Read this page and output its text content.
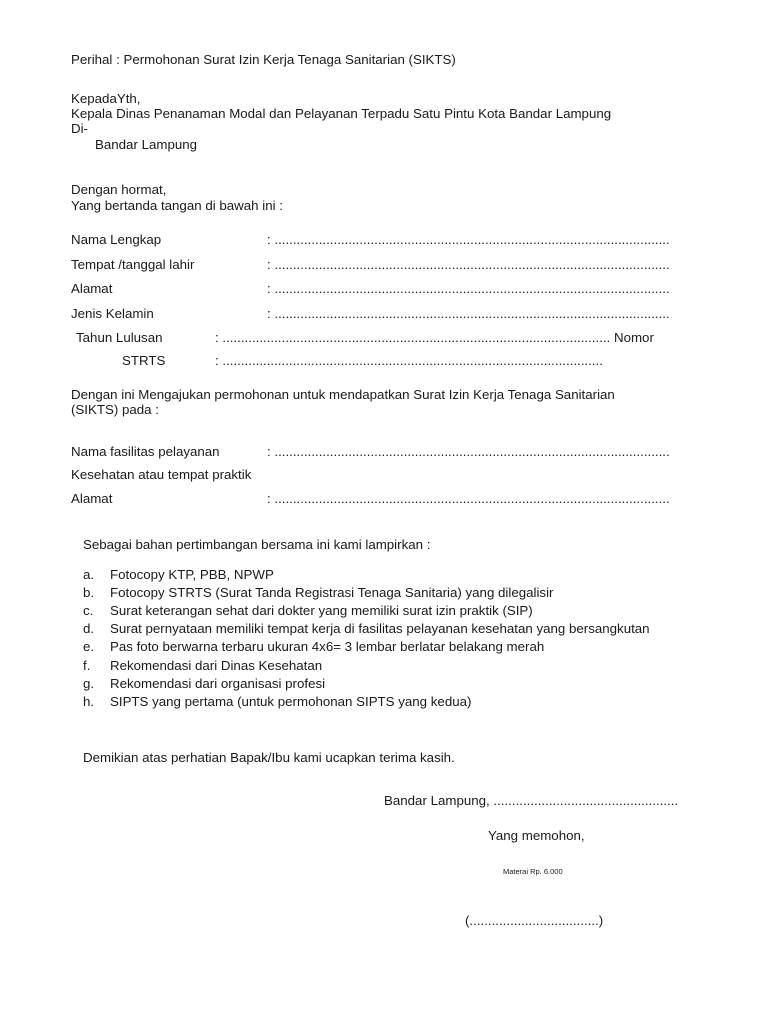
Perihal : Permohonan Surat Izin Kerja Tenaga Sanitarian (SIKTS)
KepadaYth,
Kepala Dinas Penanaman Modal dan Pelayanan Terpadu Satu Pintu Kota Bandar Lampung
Di-
Bandar Lampung
Dengan hormat,
Yang bertanda tangan di bawah ini :
Nama Lengkap	: ...........................................................................................................
Tempat /tanggal lahir	: ...........................................................................................................
Alamat	: ...........................................................................................................
Jenis Kelamin	: ...........................................................................................................
Tahun Lulusan	: ......................................................................................................... Nomor
STRTS	: .......................................................................................................
Dengan ini Mengajukan permohonan untuk mendapatkan Surat Izin Kerja Tenaga Sanitarian
(SIKTS) pada :
Nama fasilitas pelayanan	: ...........................................................................................................
Kesehatan atau tempat praktik
Alamat	: ...........................................................................................................
Sebagai bahan pertimbangan bersama ini kami lampirkan :
a. Fotocopy KTP, PBB, NPWP
b. Fotocopy STRTS (Surat Tanda Registrasi Tenaga Sanitaria) yang dilegalisir
c. Surat keterangan sehat dari dokter yang memiliki surat izin praktik (SIP)
d. Surat pernyataan memiliki tempat kerja di fasilitas pelayanan kesehatan yang bersangkutan
e. Pas foto berwarna terbaru ukuran 4x6= 3 lembar berlatar belakang merah
f. Rekomendasi dari Dinas Kesehatan
g. Rekomendasi dari organisasi profesi
h. SIPTS yang pertama (untuk permohonan SIPTS yang kedua)
Demikian atas perhatian Bapak/Ibu kami ucapkan terima kasih.
Bandar Lampung, ..................................................
Yang memohon,
Materai Rp. 6.000
(...................................)
